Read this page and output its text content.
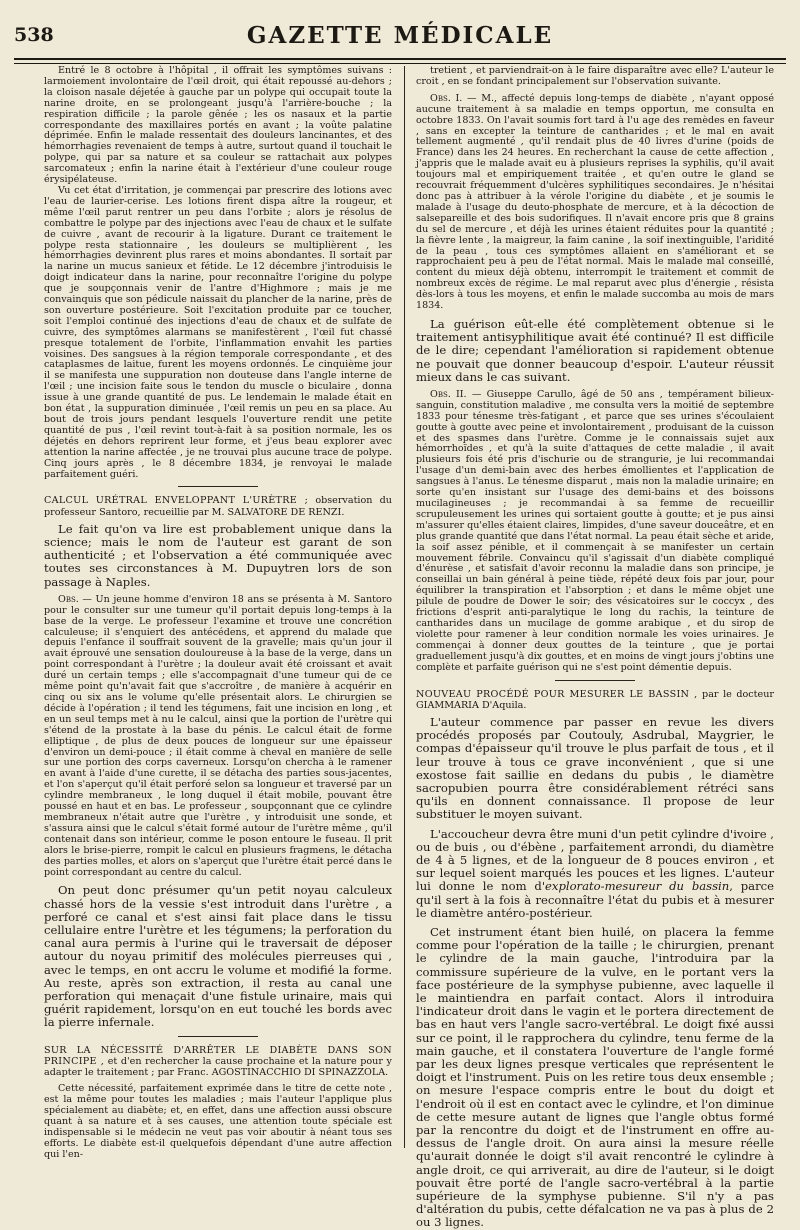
538	GAZETTE MÉDICALE

Entré le 8 octobre à l'hôpital , il offrait les symptômes suivans : larmoiement involontaire de l'œil droit, qui était repoussé au-dehors ; la cloison nasale déjetée à gauche par un polype qui occupait toute la narine droite, en se prolongeant jusqu'à l'arrière-bouche ; la respiration difficile ; la parole gênée ; les os nasaux et la partie correspondante des maxillaires portés en avant ; la voûte palatine déprimée. Enfin le malade ressentait des douleurs lancinantes, et des hémorrhagies revenaient de temps à autre, surtout quand il touchait le polype, qui par sa nature et sa couleur se rattachait aux polypes sarcomateux ; enfin la narine était à l'extérieur d'une couleur rouge érysipélateuse.

Vu cet état d'irritation, je commençai par prescrire des lotions avec l'eau de laurier-cerise. Les lotions firent dispa aître la rougeur, et même l'œil parut rentrer un peu dans l'orbite ; alors je résolus de combattre le polype par des injections avec l'eau de chaux et le sulfate de cuivre , avant de recourir à la ligature. Durant ce traitement le polype resta stationnaire , les douleurs se multiplièrent , les hémorrhagies devinrent plus rares et moins abondantes. Il sortait par la narine un mucus sanieux et fétide. Le 12 décembre j'introduisis le doigt indicateur dans la narine, pour reconnaître l'origine du polype que je soupçonnais venir de l'antre d'Highmore ; mais je me convainquis que son pédicule naissait du plancher de la narine, près de son ouverture postérieure. Soit l'excitation produite par ce toucher, soit l'emploi continué des injections d'eau de chaux et de sulfate de cuivre, des symptômes alarmans se manifestèrent , l'œil fut chassé presque totalement de l'orbite, l'inflammation envahit les parties voisines. Des sangsues à la région temporale correspondante , et des cataplasmes de laitue, furent les moyens ordonnés. Le cinquième jour il se manifesta une suppuration non douteuse dans l'angle interne de l'œil ; une incision faite sous le tendon du muscle o biculaire , donna issue à une grande quantité de pus. Le lendemain le malade était en bon état , la suppuration diminuée , l'œil remis un peu en sa place. Au bout de trois jours pendant lesquels l'ouverture rendit une petite quantité de pus , l'œil revint tout-à-fait à sa position normale, les os déjetés en dehors reprirent leur forme, et j'eus beau explorer avec attention la narine affectée , je ne trouvai plus aucune trace de polype. Cinq jours après , le 8 décembre 1834, je renvoyai le malade parfaitement guéri.

CALCUL URÉTRAL ENVELOPPANT L'URÈTRE ; observation du professeur Santoro, recueillie par M. SALVATORE DE RENZI.

Le fait qu'on va lire est probablement unique dans la science; mais le nom de l'auteur est garant de son authenticité ; et l'observation a été communiquée avec toutes ses circonstances à M. Dupuytren lors de son passage à Naples.

Obs. — Un jeune homme d'environ 18 ans se présenta à M. Santoro pour le consulter sur une tumeur qu'il portait depuis long-temps à la base de la verge. Le professeur l'examine et trouve une concrétion calculeuse; il s'enquiert des antécédens, et apprend du malade que depuis l'enfance il souffrait souvent de la gravelle; mais qu'un jour il avait éprouvé une sensation douloureuse à la base de la verge, dans un point correspondant à l'urètre ; la douleur avait été croissant et avait duré un certain temps ; elle s'accompagnait d'une tumeur qui de ce même point qu'n'avait fait que s'accroître , de manière à acquérir en cinq ou six ans le volume qu'elle présentait alors. Le chirurgien se décide à l'opération ; il tend les tégumens, fait une incision en long , et en un seul temps met à nu le calcul, ainsi que la portion de l'urètre qui s'étend de la prostate à la base du pénis. Le calcul était de forme elliptique , de plus de deux pouces de longueur sur une épaisseur d'environ un demi-pouce ; il était comme à cheval en manière de selle sur une portion des corps caverneux. Lorsqu'on chercha à le ramener en avant à l'aide d'une curette, il se détacha des parties sous-jacentes, et l'on s'aperçut qu'il était perforé selon sa longueur et traversé par un cylindre membraneux , le long duquel il était mobile, pouvant être poussé en haut et en bas. Le professeur , soupçonnant que ce cylindre membraneux n'était autre que l'urètre , y introduisit une sonde, et s'assura ainsi que le calcul s'était formé autour de l'urètre même , qu'il contenait dans son intérieur, comme le poson entoure le fuseau. Il prit alors le brise-pierre, rompit le calcul en plusieurs fragmens, le détacha des parties molles, et alors on s'aperçut que l'urètre était percé dans le point correspondant au centre du calcul.

On peut donc présumer qu'un petit noyau calculeux chassé hors de la vessie s'est introduit dans l'urètre , a perforé ce canal et s'est ainsi fait place dans le tissu cellulaire entre l'urètre et les tégumens; la perforation du canal aura permis à l'urine qui le traversait de déposer autour du noyau primitif des molécules pierreuses qui , avec le temps, en ont accru le volume et modifié la forme. Au reste, après son extraction, il resta au canal une perforation qui menaçait d'une fistule urinaire, mais qui guérit rapidement, lorsqu'on en eut touché les bords avec la pierre infernale.

SUR LA NÉCESSITÉ D'ARRÊTER LE DIABÈTE DANS SON PRINCIPE , et d'en rechercher la cause prochaine et la nature pour y adapter le traitement ; par Franc. AGOSTINACCHIO DI SPINAZZOLA.

Cette nécessité, parfaitement exprimée dans le titre de cette note , est la même pour toutes les maladies ; mais l'auteur l'applique plus spécialement au diabète; et, en effet, dans une affection aussi obscure quant à sa nature et à ses causes, une attention toute spéciale est indispensable si le médecin ne veut pas voir aboutir à néant tous ses efforts. Le diabète est-il quelquefois dépendant d'une autre affection qui l'en-

tretient , et parviendrait-on à le faire disparaître avec elle? L'auteur le croit , en se fondant principalement sur l'observation suivante.

Obs. I. — M., affecté depuis long-temps de diabète , n'ayant opposé aucune traitement à sa maladie en temps opportun, me consulta en octobre 1833. On l'avait soumis fort tard à l'u age des remèdes en faveur , sans en excepter la teinture de cantharides ; et le mal en avait tellement augmenté , qu'il rendait plus de 40 livres d'urine (poids de France) dans les 24 heures. En recherchant la cause de cette affection , j'appris que le malade avait eu à plusieurs reprises la syphilis, qu'il avait toujours mal et empiriquement traitée , et qu'en outre le gland se recouvrait fréquemment d'ulcères syphilitiques secondaires. Je n'hésitai donc pas à attribuer à la vérole l'origine du diabète , et je soumis le malade à l'usage du deuto-phosphate de mercure, et à la décoction de salsepareille et des bois sudorifiques. Il n'avait encore pris que 8 grains du sel de mercure , et déjà les urines étaient réduites pour la quantité ; la fièvre lente , la maigreur, la faim canine , la soif inextinguible, l'aridité de la peau , tous ces symptômes allaient en s'améliorant et se rapprochaient peu à peu de l'état normal. Mais le malade mal conseillé, content du mieux déjà obtenu, interrompit le traitement et commit de nombreux excès de régime. Le mal reparut avec plus d'énergie , résista dès-lors à tous les moyens, et enfin le malade succomba au mois de mars 1834.

La guérison eût-elle été complètement obtenue si le traitement antisyphilitique avait été continué? Il est difficile de le dire; cependant l'amélioration si rapidement obtenue ne pouvait que donner beaucoup d'espoir. L'auteur réussit mieux dans le cas suivant.

Obs. II. — Giuseppe Carullo, âgé de 50 ans , tempérament bilieux-sanguin, constitution maladive , me consulta vers la moitié de septembre 1833 pour ténesme très-fatigant , et parce que ses urines s'écoulaient goutte à goutte avec peine et involontairement , produisant de la cuisson et des spasmes dans l'urètre. Comme je le connaissais sujet aux hémorrhoïdes , et qu'à la suite d'attaques de cette maladie , il avait plusieurs fois été pris d'ischurie ou de strangurie, je lui recommandai l'usage d'un demi-bain avec des herbes émollientes et l'application de sangsues à l'anus. Le ténesme disparut , mais non la maladie urinaire; en sorte qu'en insistant sur l'usage des demi-bains et des boissons mucilagineuses ; je recommandai à sa femme de recueillir scrupuleusement les urines qui sortaient goutte à goutte; et je pus ainsi m'assurer qu'elles étaient claires, limpides, d'une saveur douceâtre, et en plus grande quantité que dans l'état normal. La peau était sèche et aride, la soif assez pénible, et il commençait à se manifester un certain mouvement fébrile. Convaincu qu'il s'agissait d'un diabète compliqué d'énurèse , et satisfait d'avoir reconnu la maladie dans son principe, je conseillai un bain général à peine tiède, répété deux fois par jour, pour équilibrer la transpiration et l'absorption ; et dans le même objet une pilule de poudre de Dower le soir; des vésicatoires sur le coccyx , des frictions d'esprit anti-paralytique le long du rachis, la teinture de cantharides dans un mucilage de gomme arabique , et du sirop de violette pour ramener à leur condition normale les voies urinaires. Je commençai à donner deux gouttes de la teinture , que je portai graduellement jusqu'à dix gouttes, et en moins de vingt jours j'obtins une complète et parfaite guérison qui ne s'est point démentie depuis.

NOUVEAU PROCÉDÉ POUR MESURER LE BASSIN , par le docteur GIAMMARIA D'Aquila.

L'auteur commence par passer en revue les divers procédés proposés par Coutouly, Asdrubal, Maygrier, le compas d'épaisseur qu'il trouve le plus parfait de tous , et il leur trouve à tous ce grave inconvénient , que si une exostose fait saillie en dedans du pubis , le diamètre sacropubien pourra être considérablement rétréci sans qu'ils en donnent connaissance. Il propose de leur substituer le moyen suivant.

L'accoucheur devra être muni d'un petit cylindre d'ivoire , ou de buis , ou d'ébène , parfaitement arrondi, du diamètre de 4 à 5 lignes, et de la longueur de 8 pouces environ , et sur lequel soient marqués les pouces et les lignes. L'auteur lui donne le nom d'explorato-mesureur du bassin, parce qu'il sert à la fois à reconnaître l'état du pubis et à mesurer le diamètre antéro-postérieur.

Cet instrument étant bien huilé, on placera la femme comme pour l'opération de la taille ; le chirurgien, prenant le cylindre de la main gauche, l'introduira par la commissure supérieure de la vulve, en le portant vers la face postérieure de la symphyse pubienne, avec laquelle il le maintiendra en parfait contact. Alors il introduira l'indicateur droit dans le vagin et le portera directement de bas en haut vers l'angle sacro-vertébral. Le doigt fixé aussi sur ce point, il le rapprochera du cylindre, tenu ferme de la main gauche, et il constatera l'ouverture de l'angle formé par les deux lignes presque verticales que représentent le doigt et l'instrument. Puis on les retire tous deux ensemble ; on mesure l'espace compris entre le bout du doigt et l'endroit où il est en contact avec le cylindre, et l'on diminue de cette mesure autant de lignes que l'angle obtus formé par la rencontre du doigt et de l'instrument en offre au-dessus de l'angle droit. On aura ainsi la mesure réelle qu'aurait donnée le doigt s'il avait rencontré le cylindre à angle droit, ce qui arriverait, au dire de l'auteur, si le doigt pouvait être porté de l'angle sacro-vertébral à la partie supérieure de la symphyse pubienne. S'il n'y a pas d'altération du pubis, cette défalcation ne va pas à plus de 2 ou 3 lignes.
